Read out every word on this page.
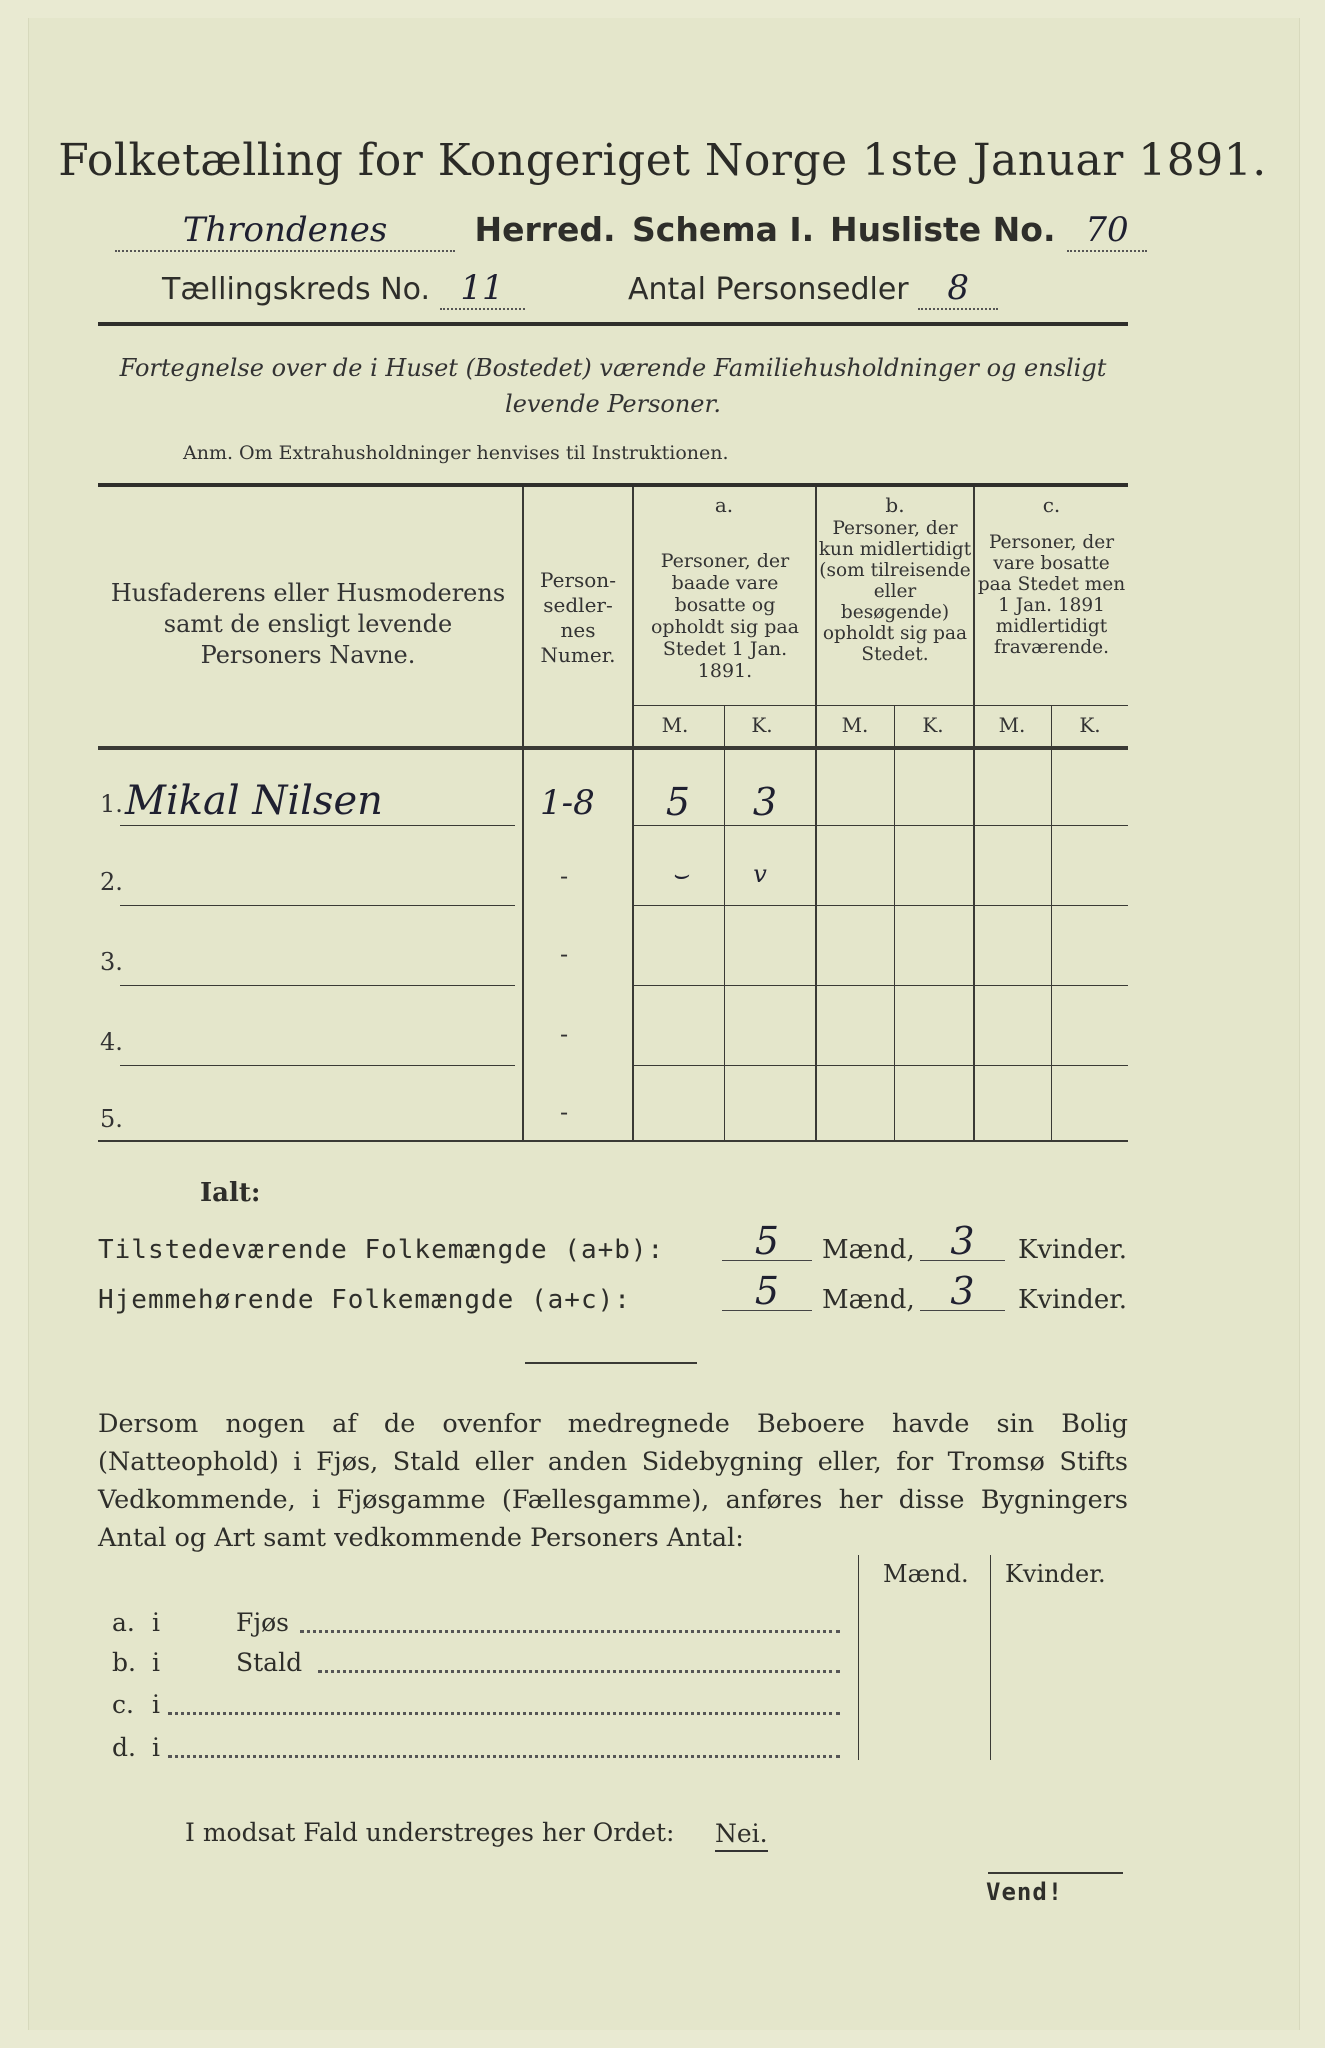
Folketælling for Kongeriget Norge 1ste Januar 1891.
Throndenes	Herred. Schema I. Husliste No. 70
Tællingskreds No. 11	Antal Personsedler 8
Fortegnelse over de i Huset (Bostedet) værende Familiehusholdninger og ensligt levende Personer.
Anm. Om Extrahusholdninger henvises til Instruktionen.
Husfaderens eller Husmoderens samt de ensligt levende Personers Navne.
Person-sedler-nes Numer.
a.
Personer, der baade vare bosatte og opholdt sig paa Stedet 1 Jan. 1891.
b.
Personer, der kun midlertidigt (som tilreisende eller besøgende) opholdt sig paa Stedet.
c.
Personer, der vare bosatte paa Stedet men 1 Jan. 1891 midlertidigt fraværende.
M.	K.	M.	K.	M.	K.
1. Mikal Nilsen	1-8	5	3
2.	-	⌣	v
3.	-
4.	-
5.	-
Ialt:
Tilstedeværende Folkemængde (a+b):	5	Mænd, 3	Kvinder.
Hjemmehørende Folkemængde (a+c):	5	Mænd, 3	Kvinder.
Dersom nogen af de ovenfor medregnede Beboere havde sin Bolig (Natteophold) i Fjøs, Stald eller anden Sidebygning eller, for Tromsø Stifts Vedkommende, i Fjøsgamme (Fællesgamme), anføres her disse Bygningers Antal og Art samt vedkommende Personers Antal:
Mænd. Kvinder.
a. i	Fjøs
b. i	Stald
c. i
d. i
I modsat Fald understreges her Ordet: Nei.
Vend!
